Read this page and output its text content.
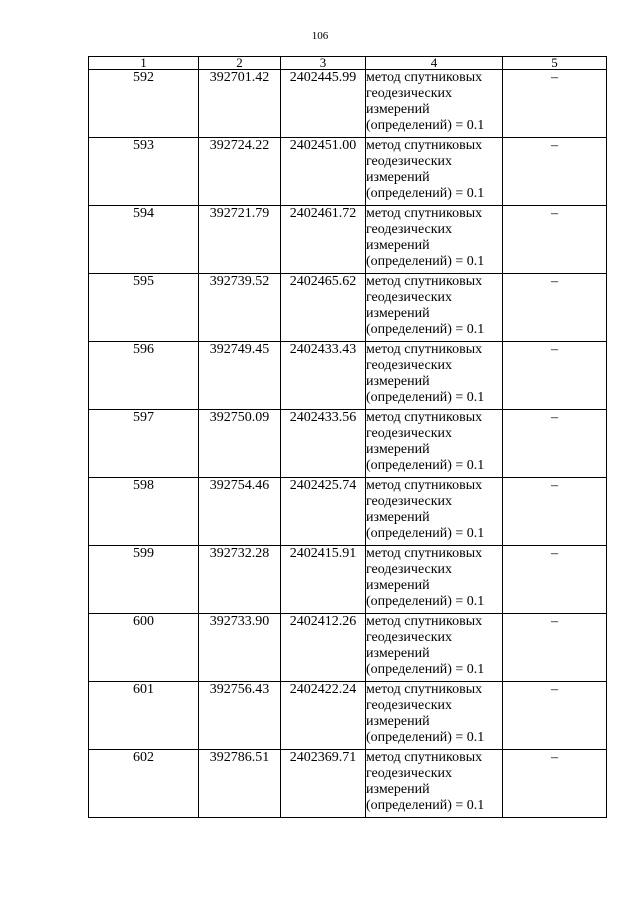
106
1	2	3	4	5
592	392701.42	2402445.99	метод спутниковых
геодезических
измерений
(определений) = 0.1	–
593	392724.22	2402451.00	метод спутниковых
геодезических
измерений
(определений) = 0.1	–
594	392721.79	2402461.72	метод спутниковых
геодезических
измерений
(определений) = 0.1	–
595	392739.52	2402465.62	метод спутниковых
геодезических
измерений
(определений) = 0.1	–
596	392749.45	2402433.43	метод спутниковых
геодезических
измерений
(определений) = 0.1	–
597	392750.09	2402433.56	метод спутниковых
геодезических
измерений
(определений) = 0.1	–
598	392754.46	2402425.74	метод спутниковых
геодезических
измерений
(определений) = 0.1	–
599	392732.28	2402415.91	метод спутниковых
геодезических
измерений
(определений) = 0.1	–
600	392733.90	2402412.26	метод спутниковых
геодезических
измерений
(определений) = 0.1	–
601	392756.43	2402422.24	метод спутниковых
геодезических
измерений
(определений) = 0.1	–
602	392786.51	2402369.71	метод спутниковых
геодезических
измерений
(определений) = 0.1	–
